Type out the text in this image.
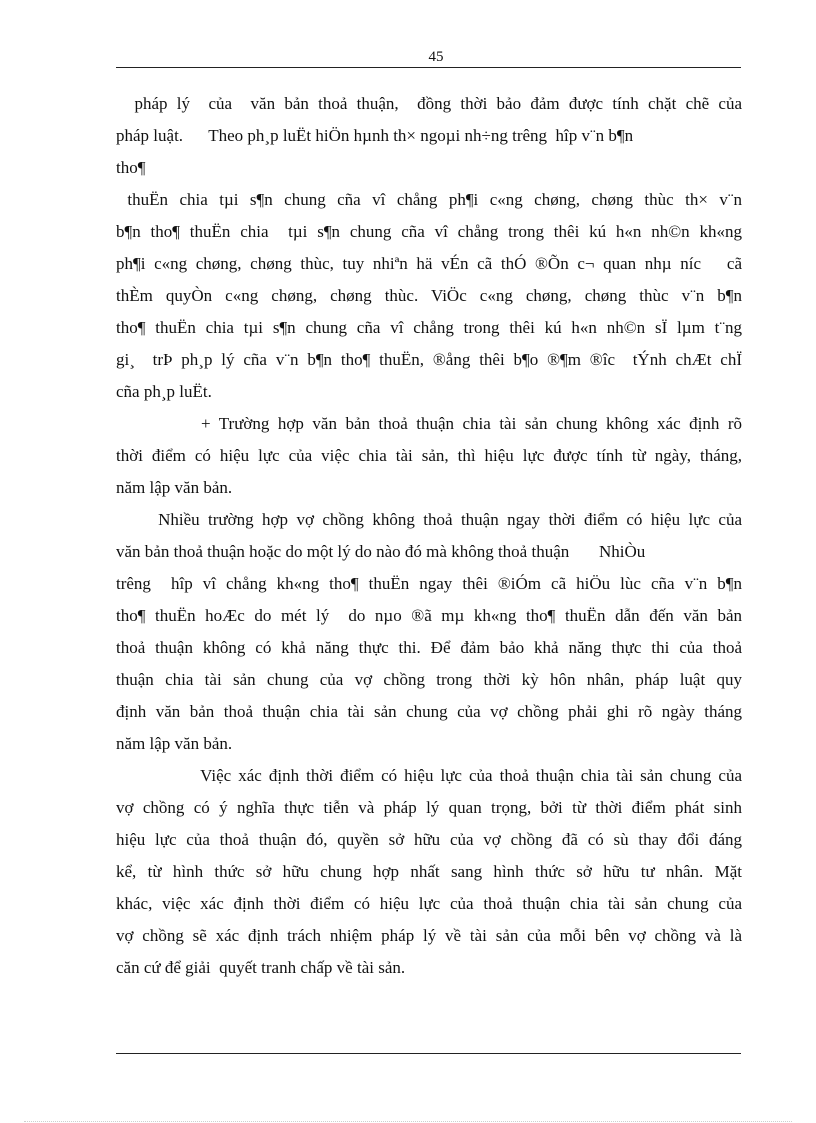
45
pháp lý  của  văn bản thoả thuận,  đồng thời bảo đảm được tính chặt chẽ của
pháp luật.      Theo ph¸p luËt hiÖn hµnh th× ngoµi nh÷ng trêng  hîp v¨n b¶n
tho¶
thuËn  chia  tµi  s¶n  chung  cña  vî  chång  ph¶i  c«ng  chøng,  chøng  thùc  th×  v¨n
b¶n tho¶ thuËn chia  tµi s¶n chung cña vî chång trong thêi kú h«n nh©n kh«ng
ph¶i c«ng chøng, chøng thùc, tuy nhiªn hä vÉn cã thÓ ®Õn c¬ quan nhµ níc   cã
thÈm quyÒn c«ng chøng, chøng thùc. ViÖc c«ng chøng, chøng thùc v¨n b¶n
tho¶ thuËn chia tµi s¶n chung cña vî chång trong thêi kú h«n nh©n sÏ lµm t¨ng
gi¸  trÞ ph¸p lý cña v¨n b¶n tho¶ thuËn, ®ång thêi b¶o ®¶m ®îc  tÝnh chÆt chÏ
cña ph¸p luËt.
+ Trường hợp văn bản thoả thuận chia tài sản chung không xác định rõ
thời điểm có hiệu lực của việc chia tài sản, thì hiệu lực được tính từ ngày, tháng,
năm lập văn bản.
Nhiều trường hợp vợ chồng không thoả thuận ngay thời điểm có hiệu lực của
văn bản thoả thuận hoặc do một lý do nào đó mà không thoả thuận       NhiÒu
trêng  hîp vî chång kh«ng tho¶ thuËn ngay thêi ®iÓm cã hiÖu lùc cña v¨n b¶n
tho¶ thuËn hoÆc do mét lý  do nµo ®ã mµ kh«ng tho¶ thuËn dẫn đến văn bản
thoả thuận không có khả năng thực thi. Để đảm bảo khả năng thực thi của thoả
thuận  chia  tài  sản  chung  của  vợ  chồng  trong  thời  kỳ  hôn  nhân,  pháp  luật  quy
định văn bản thoả thuận chia tài sản chung của vợ chồng phải ghi rõ ngày tháng
năm lập văn bản.
Việc xác định thời điểm có hiệu lực của thoả thuận chia tài sản chung của
vợ chồng có ý nghĩa thực tiễn và pháp lý quan trọng, bởi từ thời điểm phát sinh
hiệu lực của thoả thuận đó, quyền sở hữu của vợ chồng đã có sù thay đổi đáng
kể, từ hình thức sở hữu chung hợp nhất sang hình thức sở hữu tư nhân. Mặt
khác, việc xác định thời điểm có hiệu lực của thoả thuận chia tài sản chung của
vợ chồng sẽ xác định trách nhiệm pháp lý về tài sản của mỗi bên vợ chồng và là
căn cứ để giải  quyết tranh chấp về tài sản.
